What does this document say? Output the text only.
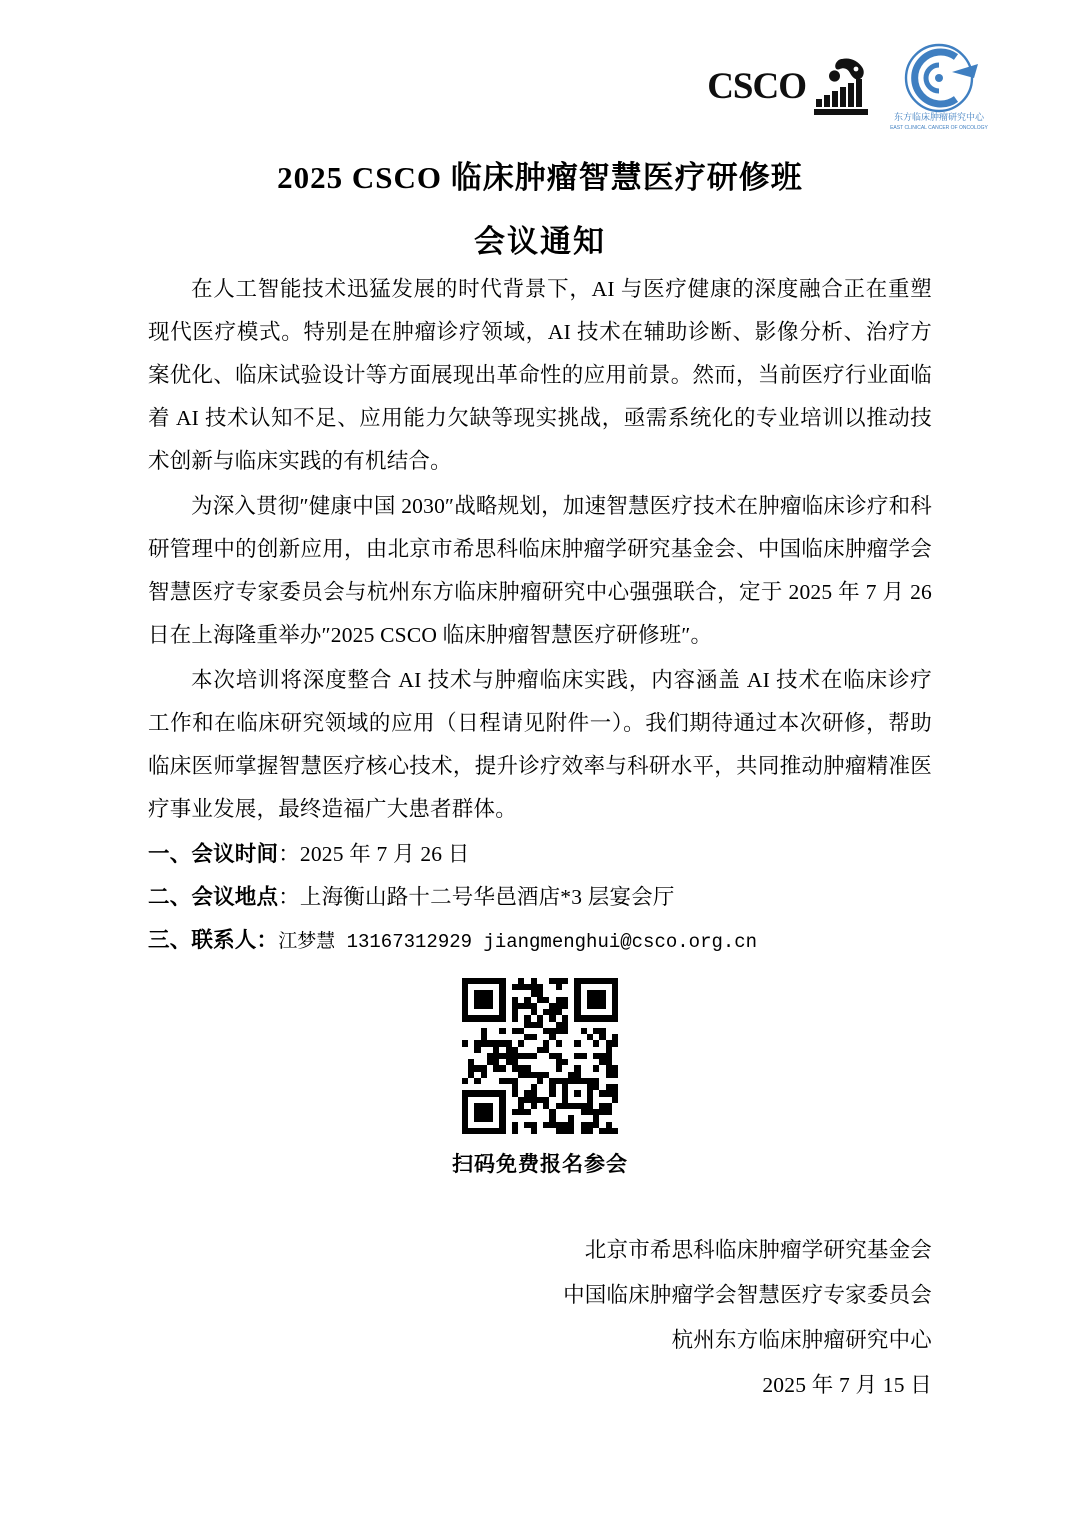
CSCO
东方临床肿瘤研究中心
EAST CLINICAL CANCER OF ONCOLOGY
2025 CSCO 临床肿瘤智慧医疗研修班
会议通知

在人工智能技术迅猛发展的时代背景下，AI 与医疗健康的深度融合正在重塑现代医疗模式。特别是在肿瘤诊疗领域，AI 技术在辅助诊断、影像分析、治疗方案优化、临床试验设计等方面展现出革命性的应用前景。然而，当前医疗行业面临着 AI 技术认知不足、应用能力欠缺等现实挑战，亟需系统化的专业培训以推动技术创新与临床实践的有机结合。

为深入贯彻″健康中国 2030″战略规划，加速智慧医疗技术在肿瘤临床诊疗和科研管理中的创新应用，由北京市希思科临床肿瘤学研究基金会、中国临床肿瘤学会智慧医疗专家委员会与杭州东方临床肿瘤研究中心强强联合，定于 2025 年 7 月 26 日在上海隆重举办″2025 CSCO 临床肿瘤智慧医疗研修班″。

本次培训将深度整合 AI 技术与肿瘤临床实践，内容涵盖 AI 技术在临床诊疗工作和在临床研究领域的应用（日程请见附件一）。我们期待通过本次研修，帮助临床医师掌握智慧医疗核心技术，提升诊疗效率与科研水平，共同推动肿瘤精准医疗事业发展，最终造福广大患者群体。

一、会议时间：2025 年 7 月 26 日
二、会议地点：上海衡山路十二号华邑酒店*3 层宴会厅
三、联系人：江梦慧 13167312929 jiangmenghui@csco.org.cn
扫码免费报名参会
北京市希思科临床肿瘤学研究基金会
中国临床肿瘤学会智慧医疗专家委员会
杭州东方临床肿瘤研究中心
2025 年 7 月 15 日
